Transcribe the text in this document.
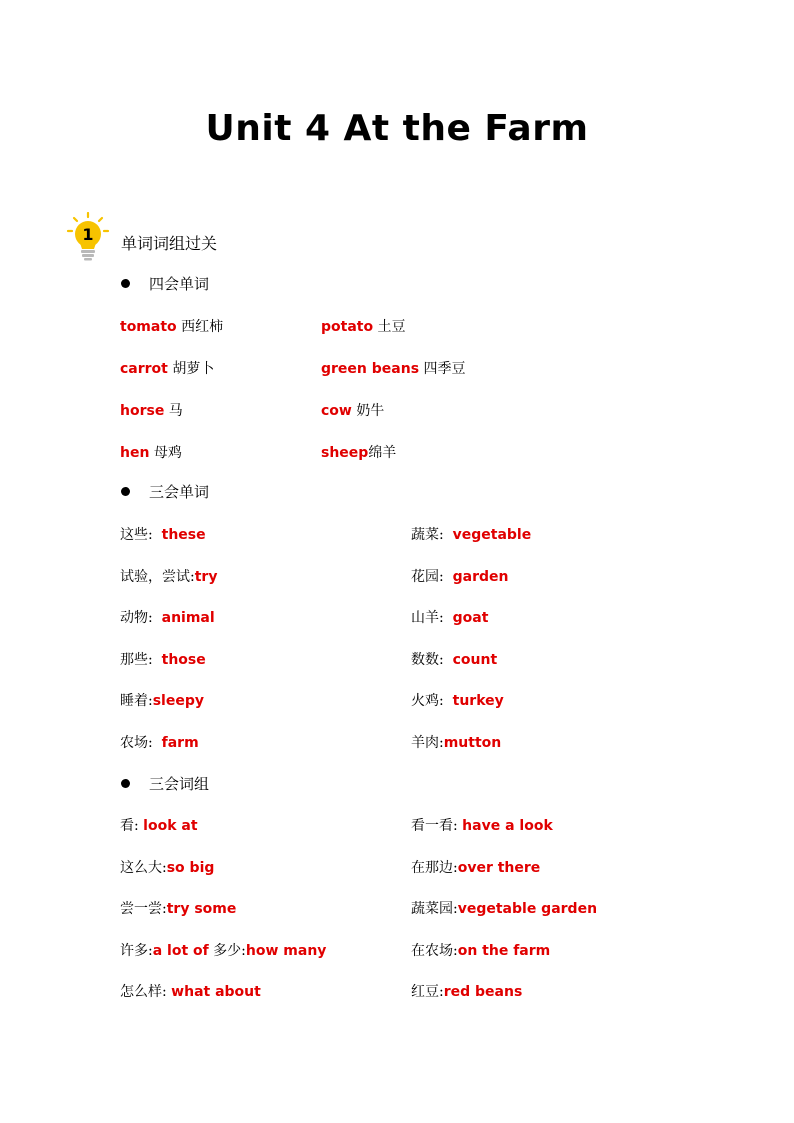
Unit 4 At the Farm
1 单词词组过关
四会单词
tomato 西红柿	potato 土豆
carrot 胡萝卜	green beans 四季豆
horse 马	cow 奶牛
hen 母鸡	sheep绵羊
三会单词
这些: these	蔬菜: vegetable
试验，尝试:try	花园: garden
动物: animal	山羊: goat
那些: those	数数: count
睡着:sleepy	火鸡: turkey
农场: farm	羊肉:mutton
三会词组
看: look at	看一看: have a look
这么大:so big	在那边:over there
尝一尝:try some	蔬菜园:vegetable garden
许多:a lot of 多少:how many	在农场:on the farm
怎么样: what about	红豆:red beans
